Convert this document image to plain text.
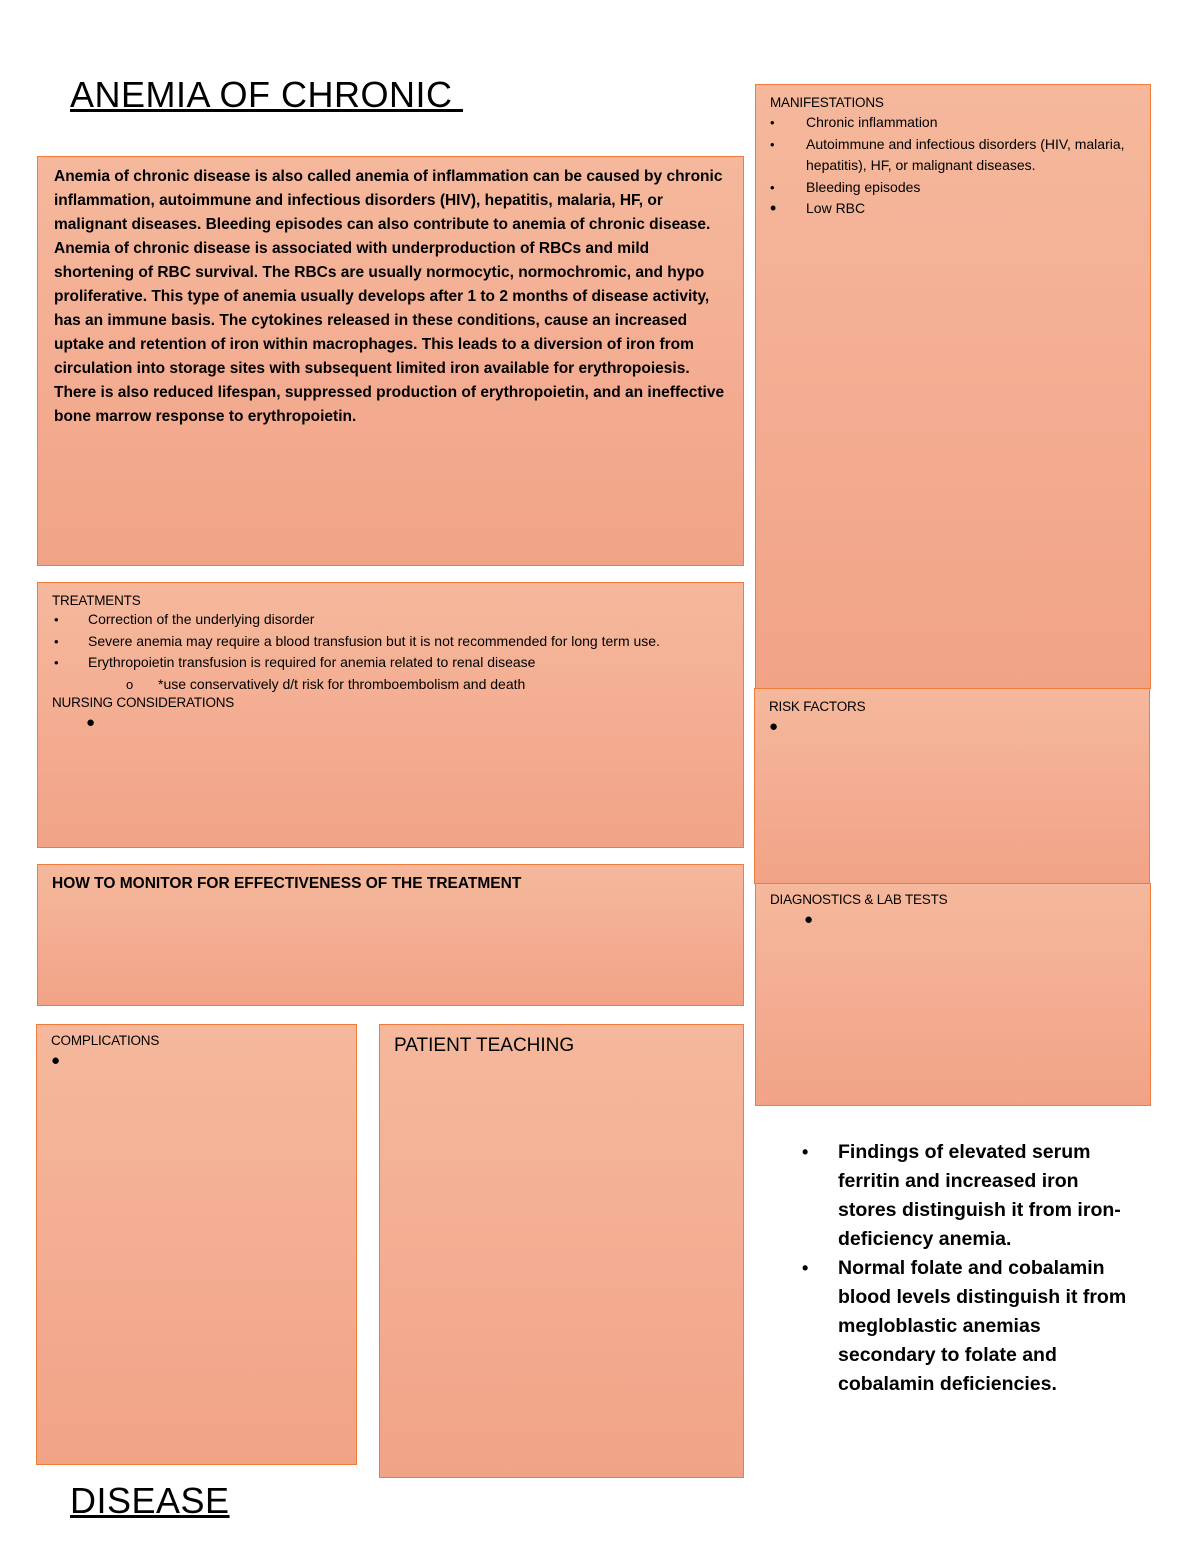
ANEMIA OF CHRONIC

Anemia of chronic disease is also called anemia of inflammation can be caused by chronic inflammation, autoimmune and infectious disorders (HIV), hepatitis, malaria, HF, or malignant diseases. Bleeding episodes can also contribute to anemia of chronic disease. Anemia of chronic disease is associated with underproduction of RBCs and mild shortening of RBC survival. The RBCs are usually normocytic, normochromic, and hypo proliferative. This type of anemia usually develops after 1 to 2 months of disease activity, has an immune basis. The cytokines released in these conditions, cause an increased uptake and retention of iron within macrophages. This leads to a diversion of iron from circulation into storage sites with subsequent limited iron available for erythropoiesis. There is also reduced lifespan, suppressed production of erythropoietin, and an ineffective bone marrow response to erythropoietin.

MANIFESTATIONS
• Chronic inflammation
• Autoimmune and infectious disorders (HIV, malaria, hepatitis), HF, or malignant diseases.
• Bleeding episodes
• Low RBC
TREATMENTS
• Correction of the underlying disorder
• Severe anemia may require a blood transfusion but it is not recommended for long term use.
• Erythropoietin transfusion is required for anemia related to renal disease
o *use conservatively d/t risk for thromboembolism and death
NURSING CONSIDERATIONS
●
RISK FACTORS
●
HOW TO MONITOR FOR EFFECTIVENESS OF THE TREATMENT
DIAGNOSTICS & LAB TESTS
●
COMPLICATIONS
●
PATIENT TEACHING
• Findings of elevated serum ferritin and increased iron stores distinguish it from iron-deficiency anemia.
• Normal folate and cobalamin blood levels distinguish it from megloblastic anemias secondary to folate and cobalamin deficiencies.
DISEASE
